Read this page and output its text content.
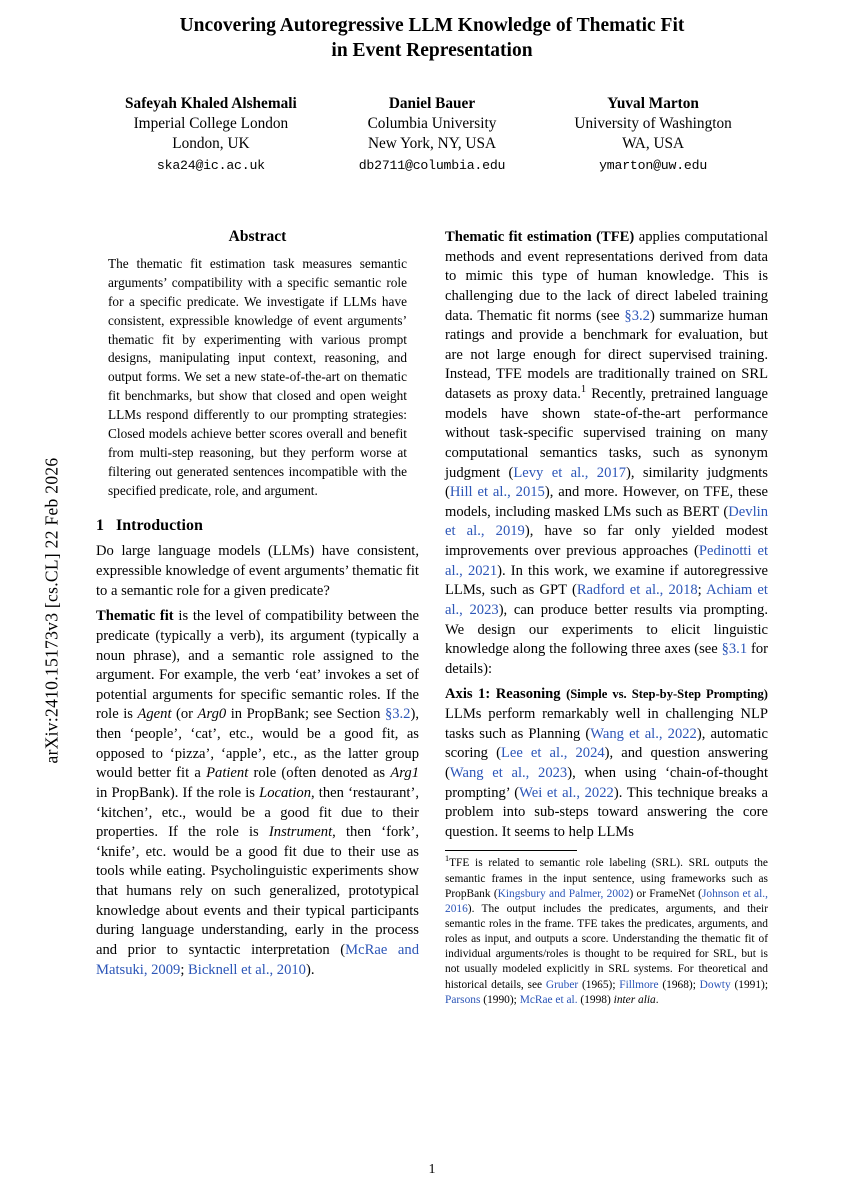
arXiv:2410.15173v3 [cs.CL] 22 Feb 2026
Uncovering Autoregressive LLM Knowledge of Thematic Fit
in Event Representation
Safeyah Khaled Alshemali
Imperial College London
London, UK
ska24@ic.ac.uk
Daniel Bauer
Columbia University
New York, NY, USA
db2711@columbia.edu
Yuval Marton
University of Washington
WA, USA
ymarton@uw.edu
Abstract
The thematic fit estimation task measures semantic arguments’ compatibility with a specific semantic role for a specific predicate. We investigate if LLMs have consistent, expressible knowledge of event arguments’ thematic fit by experimenting with various prompt designs, manipulating input context, reasoning, and output forms. We set a new state-of-the-art on thematic fit benchmarks, but show that closed and open weight LLMs respond differently to our prompting strategies: Closed models achieve better scores overall and benefit from multi-step reasoning, but they perform worse at filtering out generated sentences incompatible with the specified predicate, role, and argument.
1 Introduction

Do large language models (LLMs) have consistent, expressible knowledge of event arguments’ thematic fit to a semantic role for a given predicate?

Thematic fit is the level of compatibility between the predicate (typically a verb), its argument (typically a noun phrase), and a semantic role assigned to the argument. For example, the verb ‘eat’ invokes a set of potential arguments for specific semantic roles. If the role is Agent (or Arg0 in PropBank; see Section §3.2), then ‘people’, ‘cat’, etc., would be a good fit, as opposed to ‘pizza’, ‘apple’, etc., as the latter group would better fit a Patient role (often denoted as Arg1 in PropBank). If the role is Location, then ‘restaurant’, ‘kitchen’, etc., would be a good fit due to their properties. If the role is Instrument, then ‘fork’, ‘knife’, etc. would be a good fit due to their use as tools while eating. Psycholinguistic experiments show that humans rely on such generalized, prototypical knowledge about events and their typical participants during language understanding, early in the process and prior to syntactic interpretation (McRae and Matsuki, 2009; Bicknell et al., 2010).

Thematic fit estimation (TFE) applies computational methods and event representations derived from data to mimic this type of human knowledge. This is challenging due to the lack of direct labeled training data. Thematic fit norms (see §3.2) summarize human ratings and provide a benchmark for evaluation, but are not large enough for direct supervised training. Instead, TFE models are traditionally trained on SRL datasets as proxy data.$^1$ Recently, pretrained language models have shown state-of-the-art performance without task-specific supervised training on many computational semantics tasks, such as synonym judgment (Levy et al., 2017), similarity judgments (Hill et al., 2015), and more. However, on TFE, these models, including masked LMs such as BERT (Devlin et al., 2019), have so far only yielded modest improvements over previous approaches (Pedinotti et al., 2021). In this work, we examine if autoregressive LLMs, such as GPT (Radford et al., 2018; Achiam et al., 2023), can produce better results via prompting. We design our experiments to elicit linguistic knowledge along the following three axes (see §3.1 for details):

Axis 1: Reasoning (Simple vs. Step-by-Step Prompting) LLMs perform remarkably well in challenging NLP tasks such as Planning (Wang et al., 2022), automatic scoring (Lee et al., 2024), and question answering (Wang et al., 2023), when using ‘chain-of-thought prompting’ (Wei et al., 2022). This technique breaks a problem into sub-steps toward answering the core question. It seems to help LLMs

$^1$TFE is related to semantic role labeling (SRL). SRL outputs the semantic frames in the input sentence, using frameworks such as PropBank (Kingsbury and Palmer, 2002) or FrameNet (Johnson et al., 2016). The output includes the predicates, arguments, and their semantic roles in the frame. TFE takes the predicates, arguments, and roles as input, and outputs a score. Understanding the thematic fit of individual arguments/roles is thought to be required for SRL, but is not usually modeled explicitly in SRL systems. For theoretical and historical details, see Gruber (1965); Fillmore (1968); Dowty (1991); Parsons (1990); McRae et al. (1998) inter alia.
1
